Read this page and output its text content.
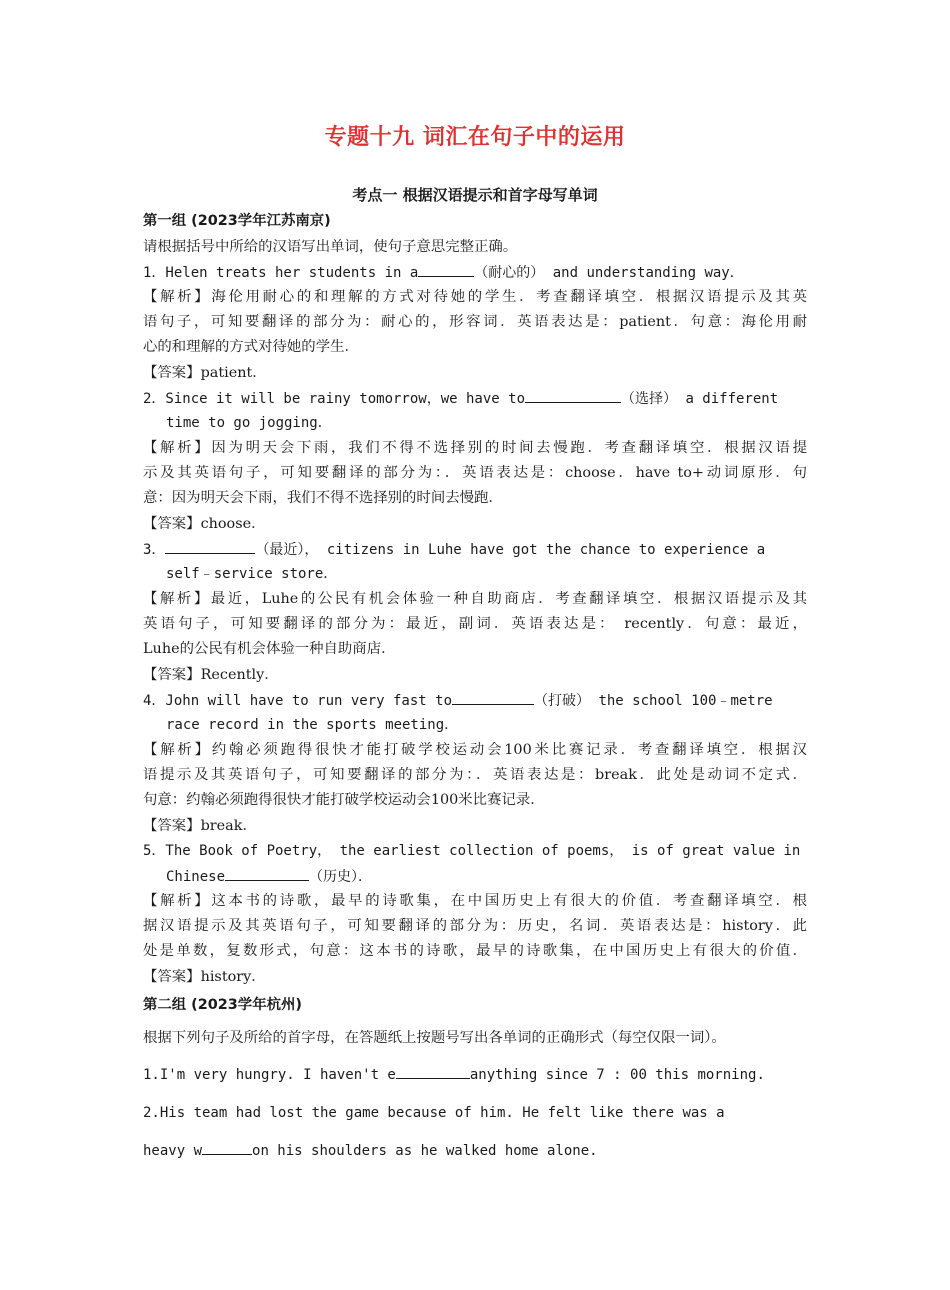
专题十九 词汇在句子中的运用
考点一 根据汉语提示和首字母写单词
第一组 (2023学年江苏南京)
请根据括号中所给的汉语写出单词，使句子意思完整正确。
1．Helen treats her students in a	（耐心的） and understanding way．
【解析】海伦用耐心的和理解的方式对待她的学生．考查翻译填空．根据汉语提示及其英
语句子，可知要翻译的部分为：耐心的，形容词．英语表达是：patient．句意：海伦用耐
心的和理解的方式对待她的学生．
【答案】patient．
2．Since it will be rainy tomorrow，we have to	（选择） a different
time to go jogging．
【解析】因为明天会下雨，我们不得不选择别的时间去慢跑．考查翻译填空．根据汉语提
示及其英语句子，可知要翻译的部分为：．英语表达是：choose．have to+动词原形．句
意：因为明天会下雨，我们不得不选择别的时间去慢跑．
【答案】choose．
3．	（最近）， citizens in Luhe have got the chance to experience a
self﹣service store．
【解析】最近，Luhe的公民有机会体验一种自助商店．考查翻译填空．根据汉语提示及其
英语句子，可知要翻译的部分为：最近，副词．英语表达是： recently．句意：最近，
Luhe的公民有机会体验一种自助商店．
【答案】Recently．
4．John will have to run very fast to	（打破） the school 100﹣metre
race record in the sports meeting．
【解析】约翰必须跑得很快才能打破学校运动会100米比赛记录．考查翻译填空．根据汉
语提示及其英语句子，可知要翻译的部分为：．英语表达是：break．此处是动词不定式．
句意：约翰必须跑得很快才能打破学校运动会100米比赛记录．
【答案】break．
5．The Book of Poetry， the earliest collection of poems， is of great value in
Chinese	（历史）．
【解析】这本书的诗歌，最早的诗歌集，在中国历史上有很大的价值．考查翻译填空．根
据汉语提示及其英语句子，可知要翻译的部分为：历史，名词．英语表达是：history．此
处是单数，复数形式，句意：这本书的诗歌，最早的诗歌集，在中国历史上有很大的价值．
【答案】history．
第二组 (2023学年杭州)
根据下列句子及所给的首字母，在答题纸上按题号写出各单词的正确形式（每空仅限一词）。
1.I'm very hungry. I haven't e	anything since 7 : 00 this morning.
2.His team had lost the game because of him. He felt like there was a
heavy w	on his shoulders as he walked home alone.
